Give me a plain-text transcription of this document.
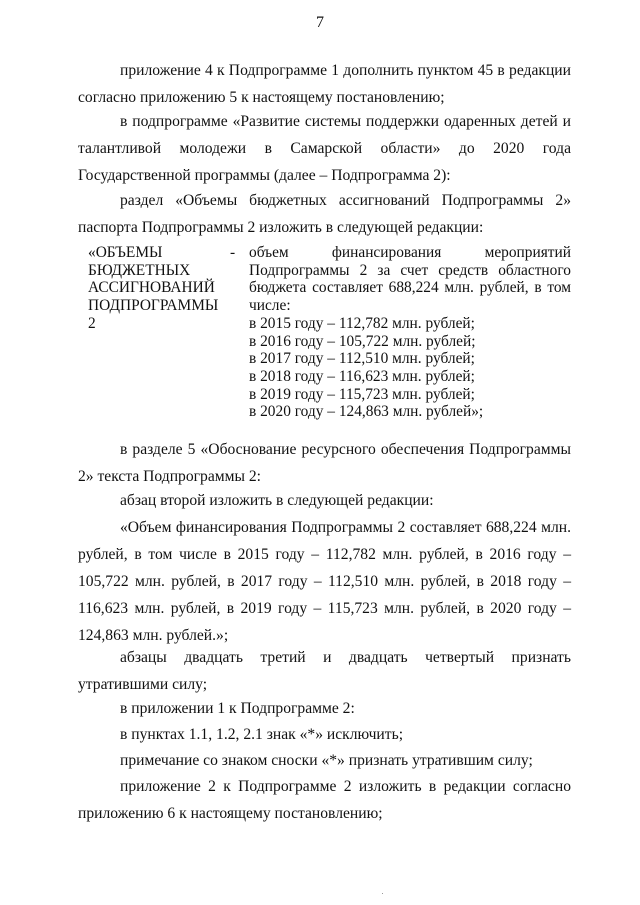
7

приложение 4 к Подпрограмме 1 дополнить пунктом 45 в редакции согласно приложению 5 к настоящему постановлению;

в подпрограмме «Развитие системы поддержки одаренных детей и талантливой молодежи в Самарской области» до 2020 года Государственной программы (далее – Подпрограмма 2):

раздел «Объемы бюджетных ассигнований Подпрограммы 2» паспорта Подпрограммы 2 изложить в следующей редакции:

«ОБЪЕМЫ
БЮДЖЕТНЫХ
АССИГНОВАНИЙ
ПОДПРОГРАММЫ 2
- объем финансирования мероприятий Подпрограммы 2 за счет средств областного бюджета составляет 688,224 млн. рублей, в том числе:
в 2015 году – 112,782 млн. рублей;
в 2016 году – 105,722 млн. рублей;
в 2017 году – 112,510 млн. рублей;
в 2018 году – 116,623 млн. рублей;
в 2019 году – 115,723 млн. рублей;
в 2020 году – 124,863 млн. рублей»;

в разделе 5 «Обоснование ресурсного обеспечения Подпрограммы 2» текста Подпрограммы 2:

абзац второй изложить в следующей редакции:

«Объем финансирования Подпрограммы 2 составляет 688,224 млн. рублей, в том числе в 2015 году – 112,782 млн. рублей, в 2016 году – 105,722 млн. рублей, в 2017 году – 112,510 млн. рублей, в 2018 году – 116,623 млн. рублей, в 2019 году – 115,723 млн. рублей, в 2020 году – 124,863 млн. рублей.»;

абзацы двадцать третий и двадцать четвертый признать утратившими силу;

в приложении 1 к Подпрограмме 2:

в пунктах 1.1, 1.2, 2.1 знак «*» исключить;

примечание со знаком сноски «*» признать утратившим силу;

приложение 2 к Подпрограмме 2 изложить в редакции согласно приложению 6 к настоящему постановлению;
